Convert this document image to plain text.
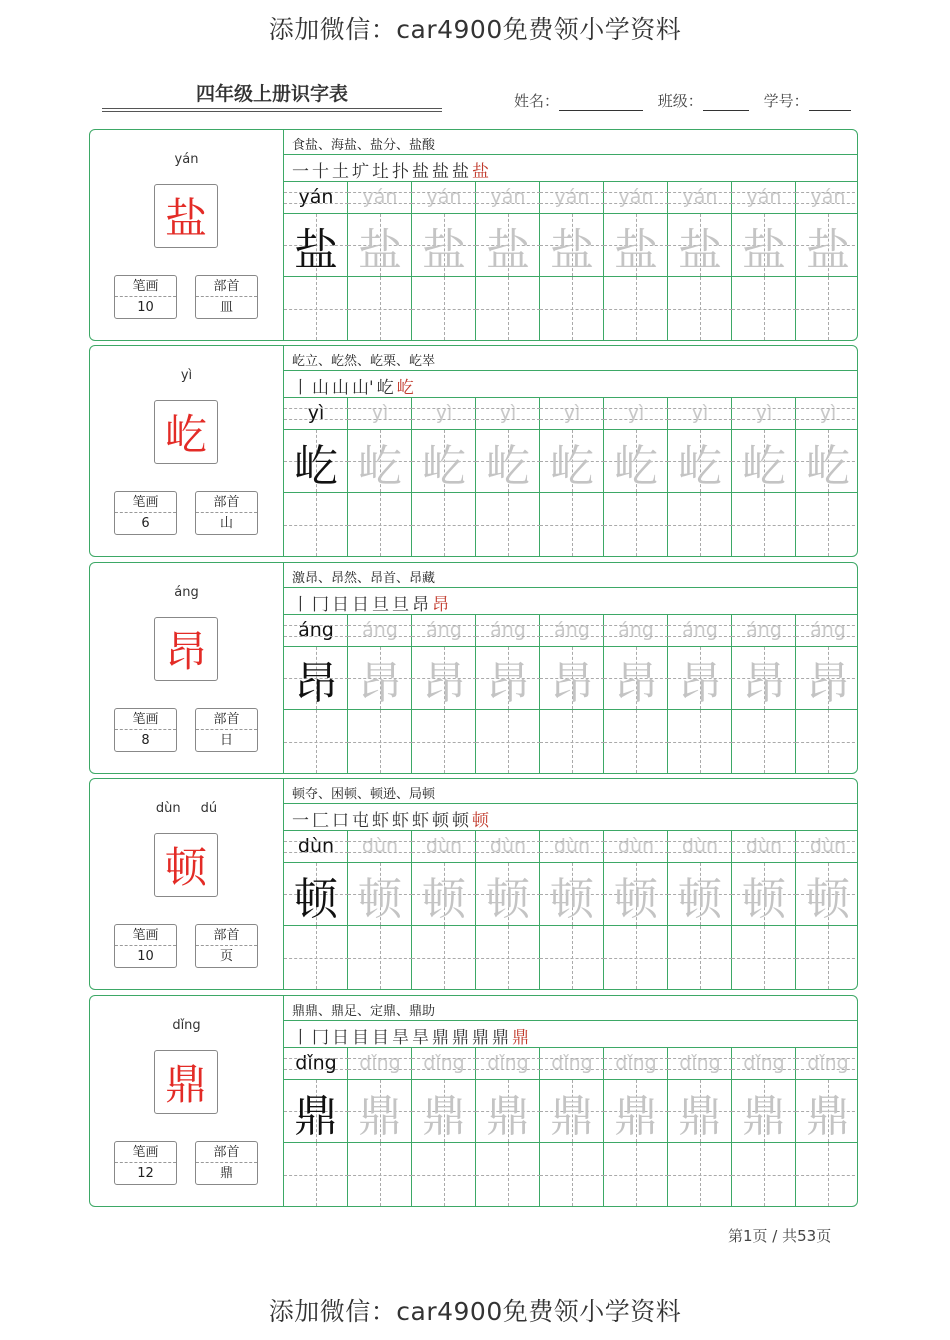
添加微信：car4900免费领小学资料
四年级上册识字表	姓名：	班级：	学号：
yán
盐
笔画
10
部首
皿
食盐、海盐、盐分、盐酸
一 十 土 圹 圵 扑 盐 盐 盐 盐
yán
盐
yán
盐
yán
盐
yán
盐
yán
盐
yán
盐
yán
盐
yán
盐
yán
盐
yì
屹
笔画
6
部首
山
屹立、屹然、屹栗、屹崒
丨 山 山 山' 屹 屹
yì
屹
yì
屹
yì
屹
yì
屹
yì
屹
yì
屹
yì
屹
yì
屹
yì
屹
áng
昂
笔画
8
部首
日
激昂、昂然、昂首、昂藏
丨 冂 日 日 旦 旦 昂 昂
áng
昂
áng
昂
áng
昂
áng
昂
áng
昂
áng
昂
áng
昂
áng
昂
áng
昂
dùn dú
顿
笔画
10
部首
页
顿夺、困顿、顿逊、局顿
一 匚 口 屯 虾 虾 虾 顿 顿 顿
dùn
顿
dùn
顿
dùn
顿
dùn
顿
dùn
顿
dùn
顿
dùn
顿
dùn
顿
dùn
顿
dǐng
鼎
笔画
12
部首
鼎
鼎鼎、鼎足、定鼎、鼎助
丨 冂 日 目 目 旱 旱 鼎 鼎 鼎 鼎 鼎
dǐng
鼎
dǐng
鼎
dǐng
鼎
dǐng
鼎
dǐng
鼎
dǐng
鼎
dǐng
鼎
dǐng
鼎
dǐng
鼎
第1页 / 共53页
添加微信：car4900免费领小学资料
